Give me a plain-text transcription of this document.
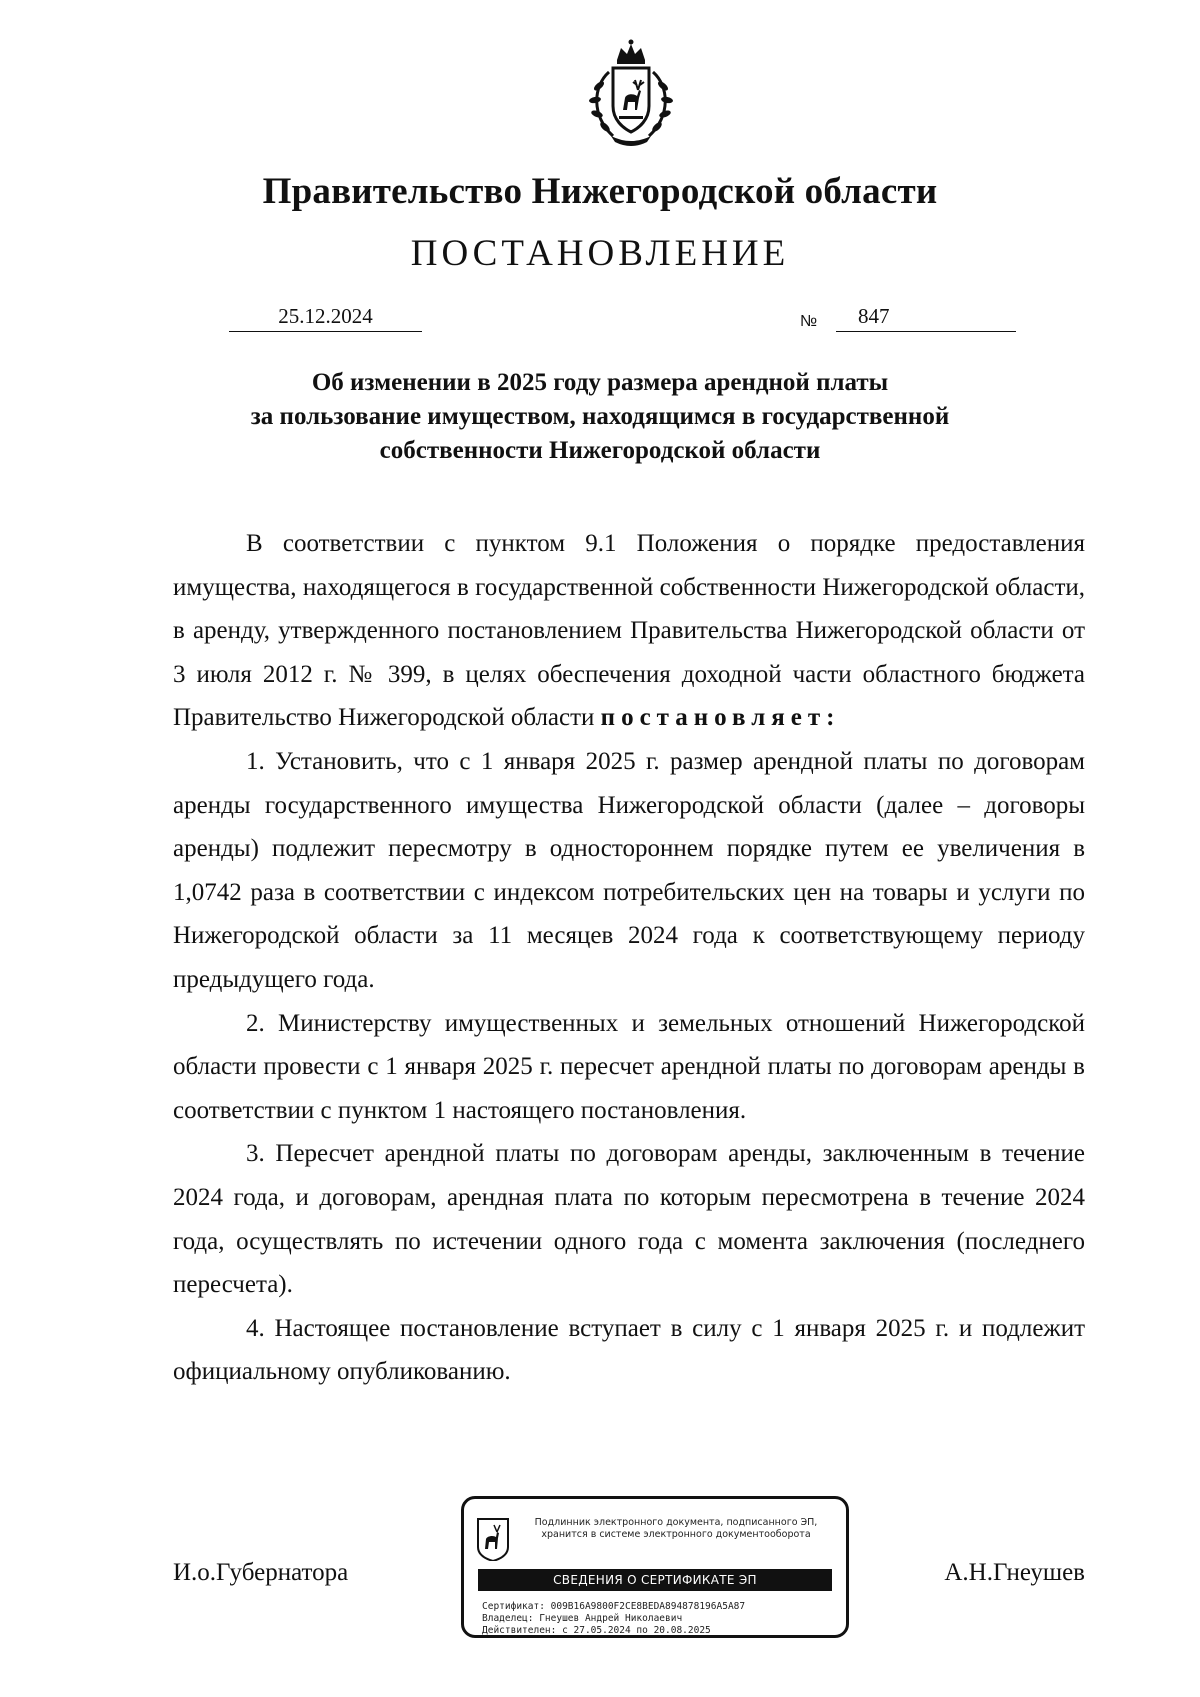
Правительство Нижегородской области
ПОСТАНОВЛЕНИЕ
25.12.2024	№	847
Об изменении в 2025 году размера арендной платы
за пользование имуществом, находящимся в государственной
собственности Нижегородской области

В соответствии с пунктом 9.1 Положения о порядке предоставления имущества, находящегося в государственной собственности Нижегородской области, в аренду, утвержденного постановлением Правительства Нижегородской области от 3 июля 2012 г. № 399, в целях обеспечения доходной части областного бюджета Правительство Нижегородской области постановляет:

1. Установить, что с 1 января 2025 г. размер арендной платы по договорам аренды государственного имущества Нижегородской области (далее – договоры аренды) подлежит пересмотру в одностороннем порядке путем ее увеличения в 1,0742 раза в соответствии с индексом потребительских цен на товары и услуги по Нижегородской области за 11 месяцев 2024 года к соответствующему периоду предыдущего года.

2. Министерству имущественных и земельных отношений Нижегородской области провести с 1 января 2025 г. пересчет арендной платы по договорам аренды в соответствии с пунктом 1 настоящего постановления.

3. Пересчет арендной платы по договорам аренды, заключенным в течение 2024 года, и договорам, арендная плата по которым пересмотрена в течение 2024 года, осуществлять по истечении одного года с момента заключения (последнего пересчета).

4. Настоящее постановление вступает в силу с 1 января 2025 г. и подлежит официальному опубликованию.

И.о.Губернатора	А.Н.Гнеушев
Подлинник электронного документа, подписанного ЭП,
хранится в системе электронного документооборота
СВЕДЕНИЯ О СЕРТИФИКАТЕ ЭП
Сертификат: 009B16A9800F2CE8BEDA894878196A5A87
Владелец: Гнеушев Андрей Николаевич
Действителен: с 27.05.2024 по 20.08.2025
